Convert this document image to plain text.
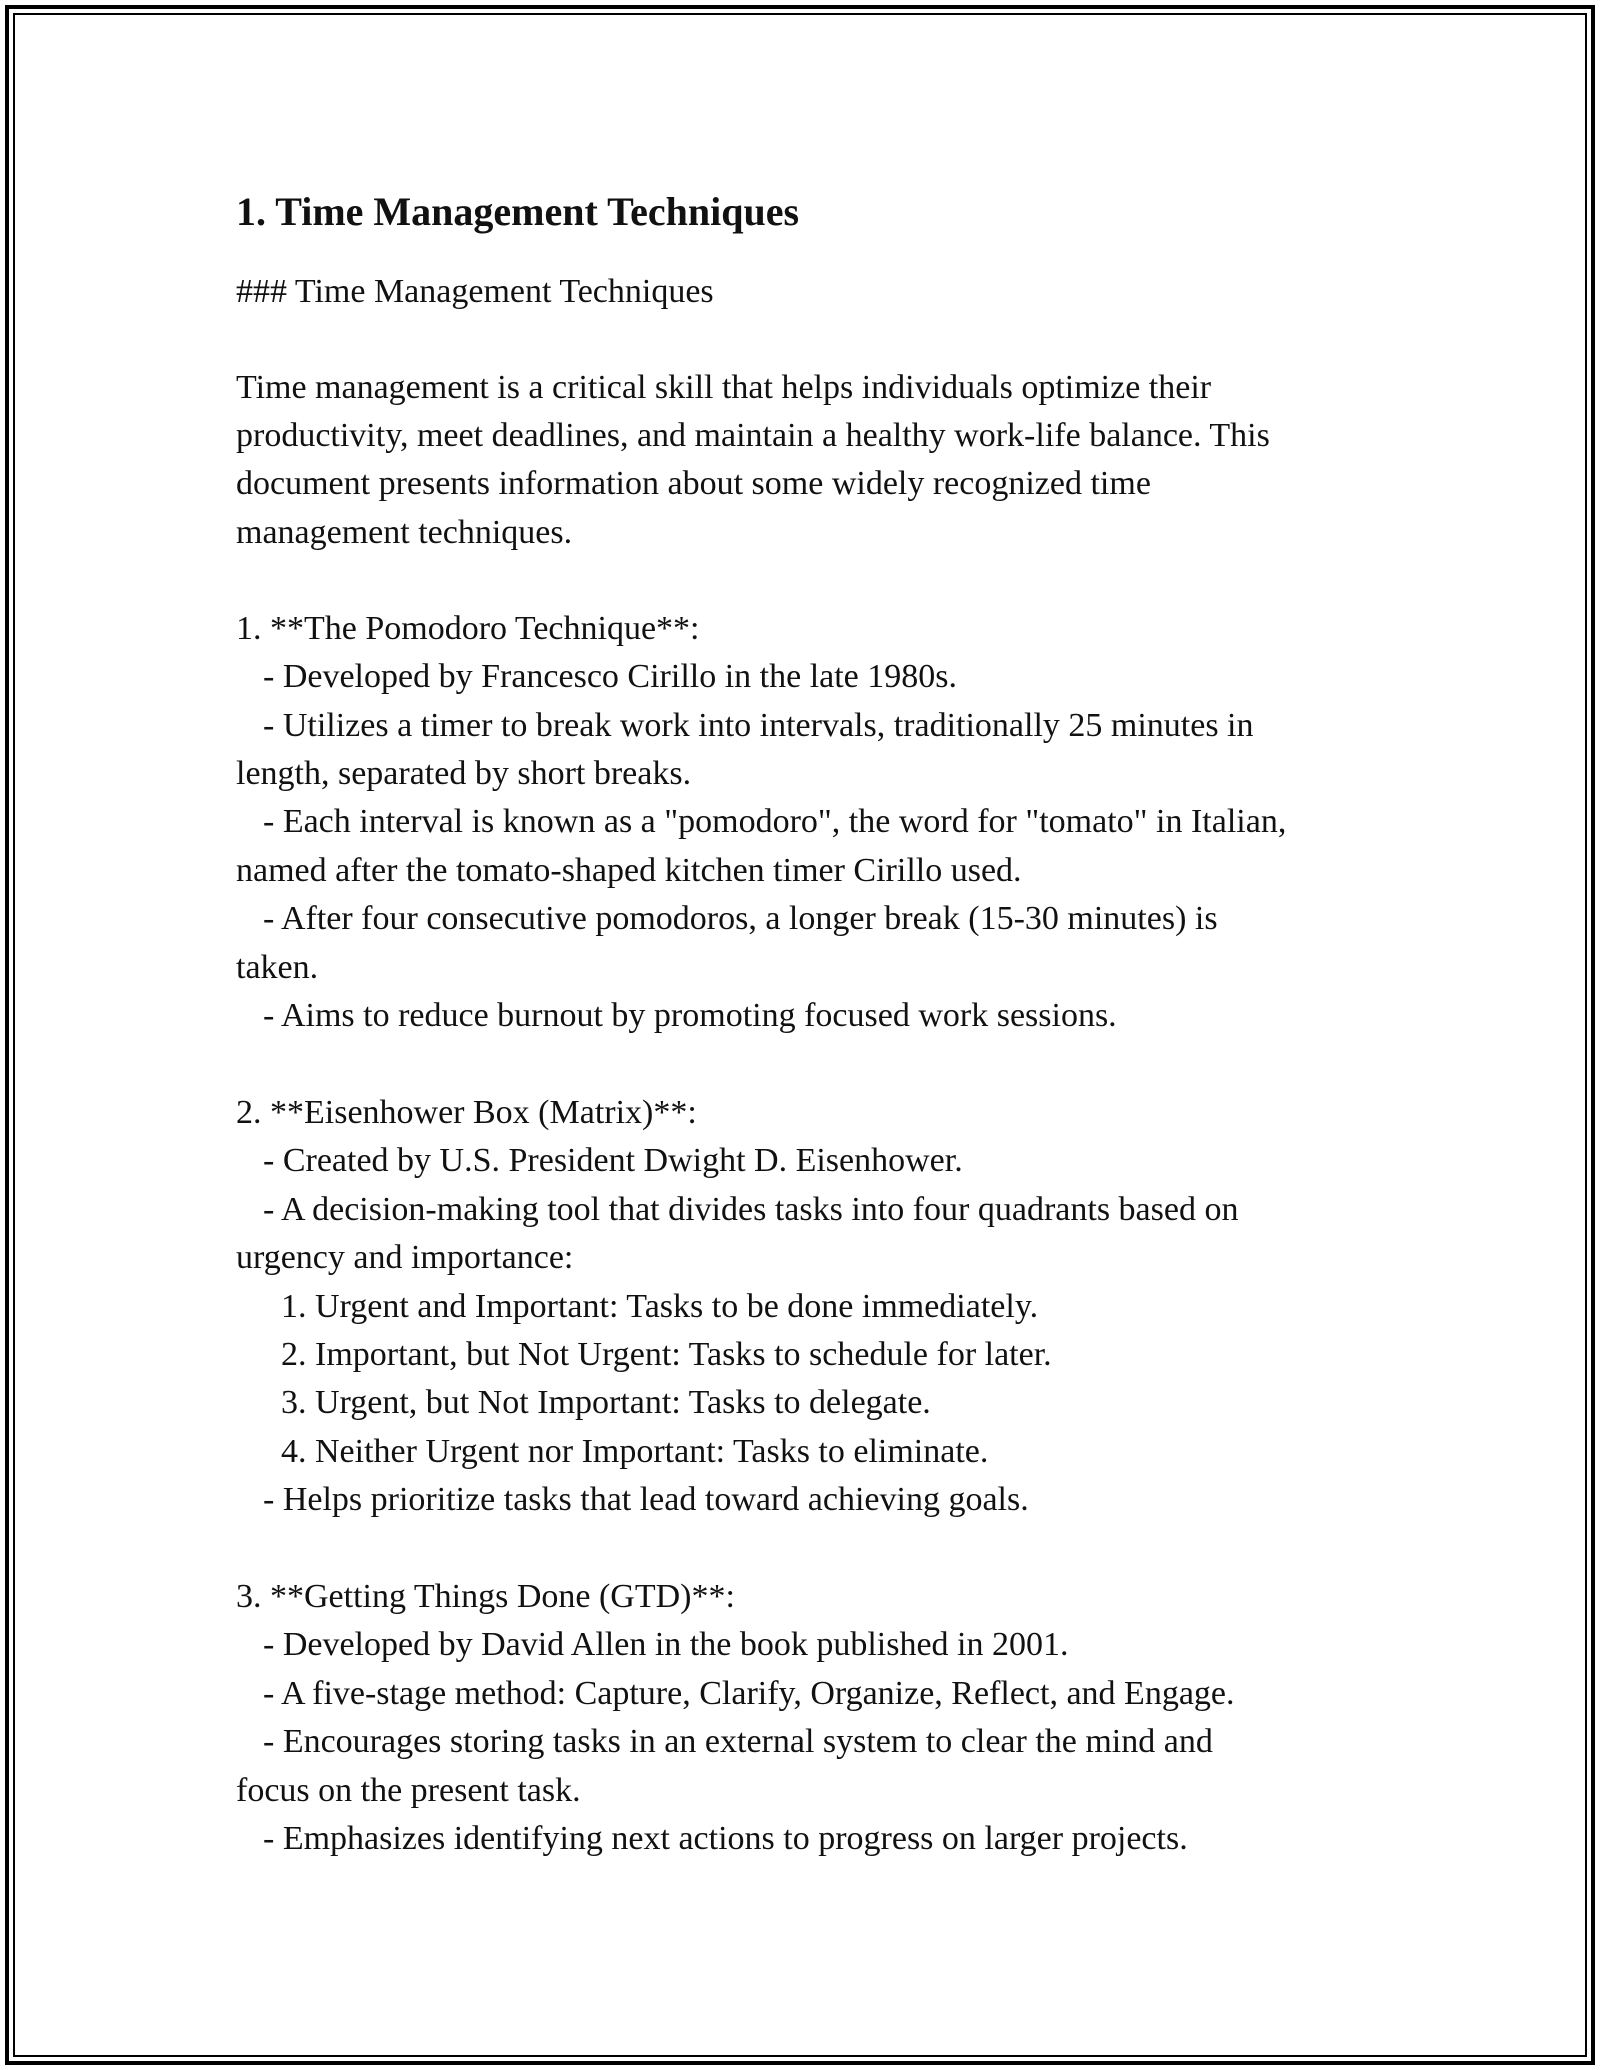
1. Time Management Techniques
### Time Management Techniques
Time management is a critical skill that helps individuals optimize their
productivity, meet deadlines, and maintain a healthy work-life balance. This
document presents information about some widely recognized time
management techniques.
1. **The Pomodoro Technique**:
- Developed by Francesco Cirillo in the late 1980s.
- Utilizes a timer to break work into intervals, traditionally 25 minutes in
length, separated by short breaks.
- Each interval is known as a "pomodoro", the word for "tomato" in Italian,
named after the tomato-shaped kitchen timer Cirillo used.
- After four consecutive pomodoros, a longer break (15-30 minutes) is
taken.
- Aims to reduce burnout by promoting focused work sessions.
2. **Eisenhower Box (Matrix)**:
- Created by U.S. President Dwight D. Eisenhower.
- A decision-making tool that divides tasks into four quadrants based on
urgency and importance:
1. Urgent and Important: Tasks to be done immediately.
2. Important, but Not Urgent: Tasks to schedule for later.
3. Urgent, but Not Important: Tasks to delegate.
4. Neither Urgent nor Important: Tasks to eliminate.
- Helps prioritize tasks that lead toward achieving goals.
3. **Getting Things Done (GTD)**:
- Developed by David Allen in the book published in 2001.
- A five-stage method: Capture, Clarify, Organize, Reflect, and Engage.
- Encourages storing tasks in an external system to clear the mind and
focus on the present task.
- Emphasizes identifying next actions to progress on larger projects.
